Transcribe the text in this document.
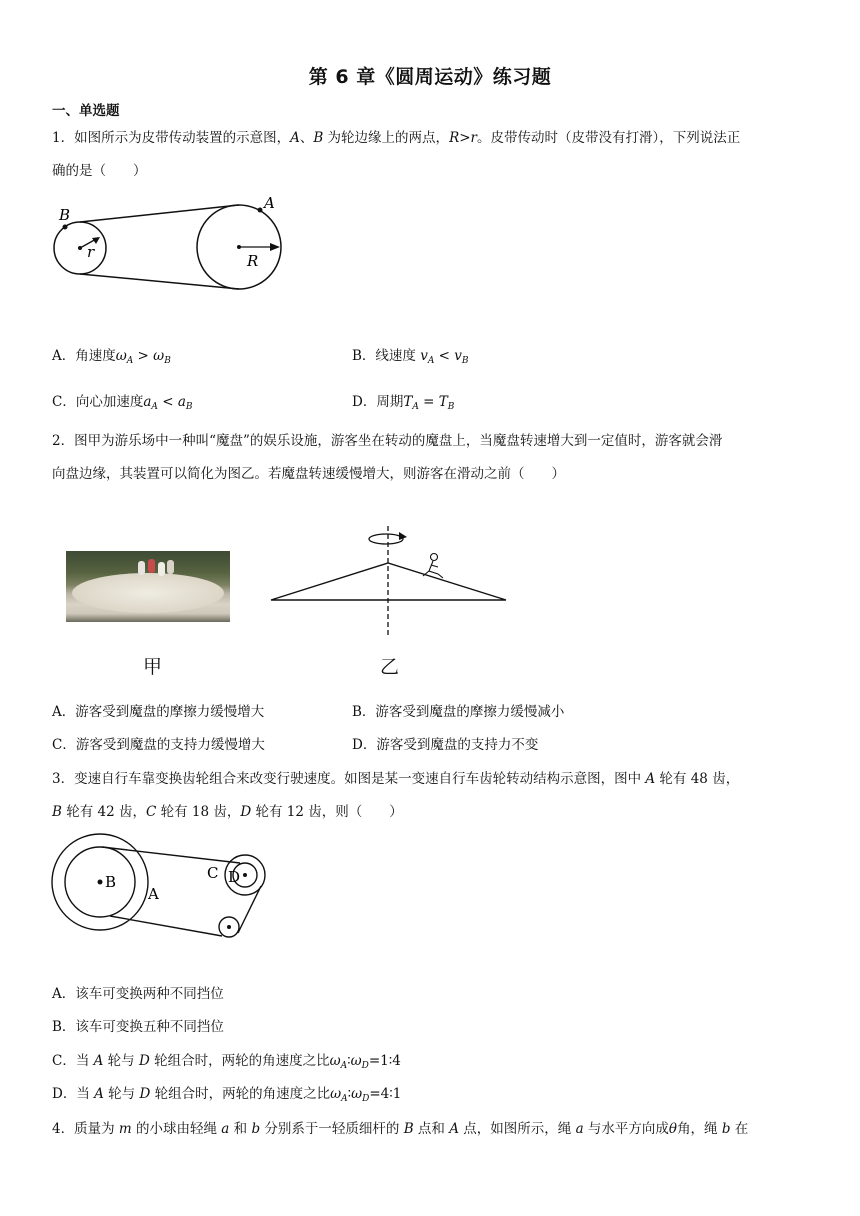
第 6 章《圆周运动》练习题
一、单选题
1．如图所示为皮带传动装置的示意图，A、B 为轮边缘上的两点，R>r。皮带传动时（皮带没有打滑），下列说法正
确的是（　　）
B
A
r	R
A．角速度$\omega_A > \omega_B$	B．线速度 $v_A < v_B$
C．向心加速度$a_A < a_B$	D．周期$T_A = T_B$
2．图甲为游乐场中一种叫“魔盘”的娱乐设施，游客坐在转动的魔盘上，当魔盘转速增大到一定值时，游客就会滑
向盘边缘，其装置可以简化为图乙。若魔盘转速缓慢增大，则游客在滑动之前（　　）
甲	乙
A．游客受到魔盘的摩擦力缓慢增大	B．游客受到魔盘的摩擦力缓慢减小
C．游客受到魔盘的支持力缓慢增大	D．游客受到魔盘的支持力不变
3．变速自行车靠变换齿轮组合来改变行驶速度。如图是某一变速自行车齿轮转动结构示意图，图中 A 轮有 48 齿，
B 轮有 42 齿，C 轮有 18 齿，D 轮有 12 齿，则（　　）
B
A
C D
A．该车可变换两种不同挡位
B．该车可变换五种不同挡位
C．当 A 轮与 D 轮组合时，两轮的角速度之比$\omega_A∶\omega_D=1∶4$
D．当 A 轮与 D 轮组合时，两轮的角速度之比$\omega_A∶\omega_D=4∶1$
4．质量为 m 的小球由轻绳 a 和 b 分别系于一轻质细杆的 B 点和 A 点，如图所示，绳 a 与水平方向成θ角，绳 b 在
